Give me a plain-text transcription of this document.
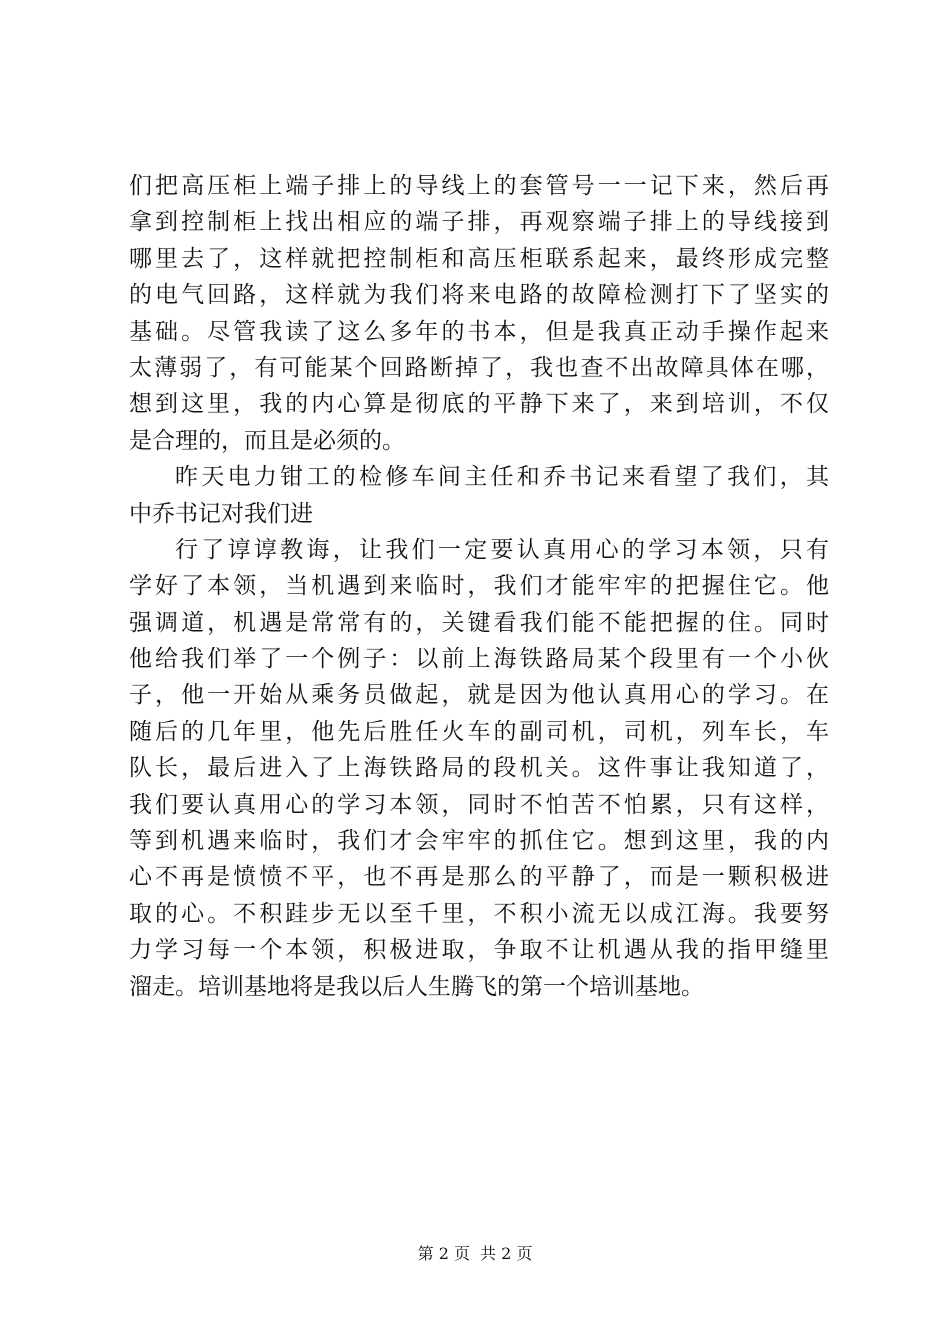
们把高压柜上端子排上的导线上的套管号一一记下来，然后再
拿到控制柜上找出相应的端子排，再观察端子排上的导线接到
哪里去了，这样就把控制柜和高压柜联系起来，最终形成完整
的电气回路，这样就为我们将来电路的故障检测打下了坚实的
基础。尽管我读了这么多年的书本，但是我真正动手操作起来
太薄弱了，有可能某个回路断掉了，我也查不出故障具体在哪，
想到这里，我的内心算是彻底的平静下来了，来到培训，不仅
是合理的，而且是必须的。
昨天电力钳工的检修车间主任和乔书记来看望了我们，其
中乔书记对我们进
行了谆谆教诲，让我们一定要认真用心的学习本领，只有
学好了本领，当机遇到来临时，我们才能牢牢的把握住它。他
强调道，机遇是常常有的，关键看我们能不能把握的住。同时
他给我们举了一个例子：以前上海铁路局某个段里有一个小伙
子，他一开始从乘务员做起，就是因为他认真用心的学习。在
随后的几年里，他先后胜任火车的副司机，司机，列车长，车
队长，最后进入了上海铁路局的段机关。这件事让我知道了，
我们要认真用心的学习本领，同时不怕苦不怕累，只有这样，
等到机遇来临时，我们才会牢牢的抓住它。想到这里，我的内
心不再是愤愤不平，也不再是那么的平静了，而是一颗积极进
取的心。不积跬步无以至千里，不积小流无以成江海。我要努
力学习每一个本领，积极进取，争取不让机遇从我的指甲缝里
溜走。培训基地将是我以后人生腾飞的第一个培训基地。
第 2 页 共 2 页
